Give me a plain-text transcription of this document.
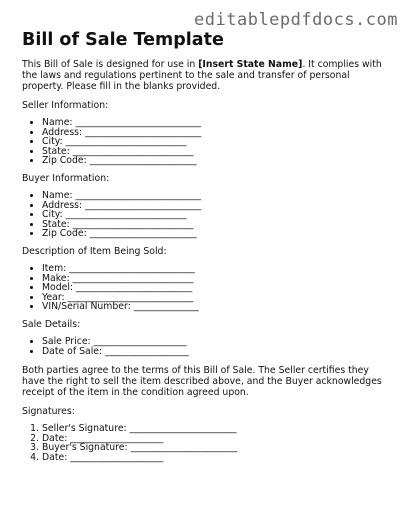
editablepdfdocs.com
Bill of Sale Template

This Bill of Sale is designed for use in [Insert State Name]. It complies with the laws and regulations pertinent to the sale and transfer of personal property. Please fill in the blanks provided.

Seller Information:

• Name: ___________________________
• Address: _________________________
• City: __________________________
• State: __________________________
• Zip Code: _______________________

Buyer Information:

• Name: ___________________________
• Address: _________________________
• City: __________________________
• State: __________________________
• Zip Code: _______________________

Description of Item Being Sold:

• Item: ___________________________
• Make: __________________________
• Model: _________________________
• Year: ___________________________
• VIN/Serial Number: ______________

Sale Details:

• Sale Price: ____________________
• Date of Sale: __________________

Both parties agree to the terms of this Bill of Sale. The Seller certifies they have the right to sell the item described above, and the Buyer acknowledges receipt of the item in the condition agreed upon.

Signatures:

1. Seller's Signature: _______________________
2. Date: ____________________
3. Buyer's Signature: _______________________
4. Date: ____________________
